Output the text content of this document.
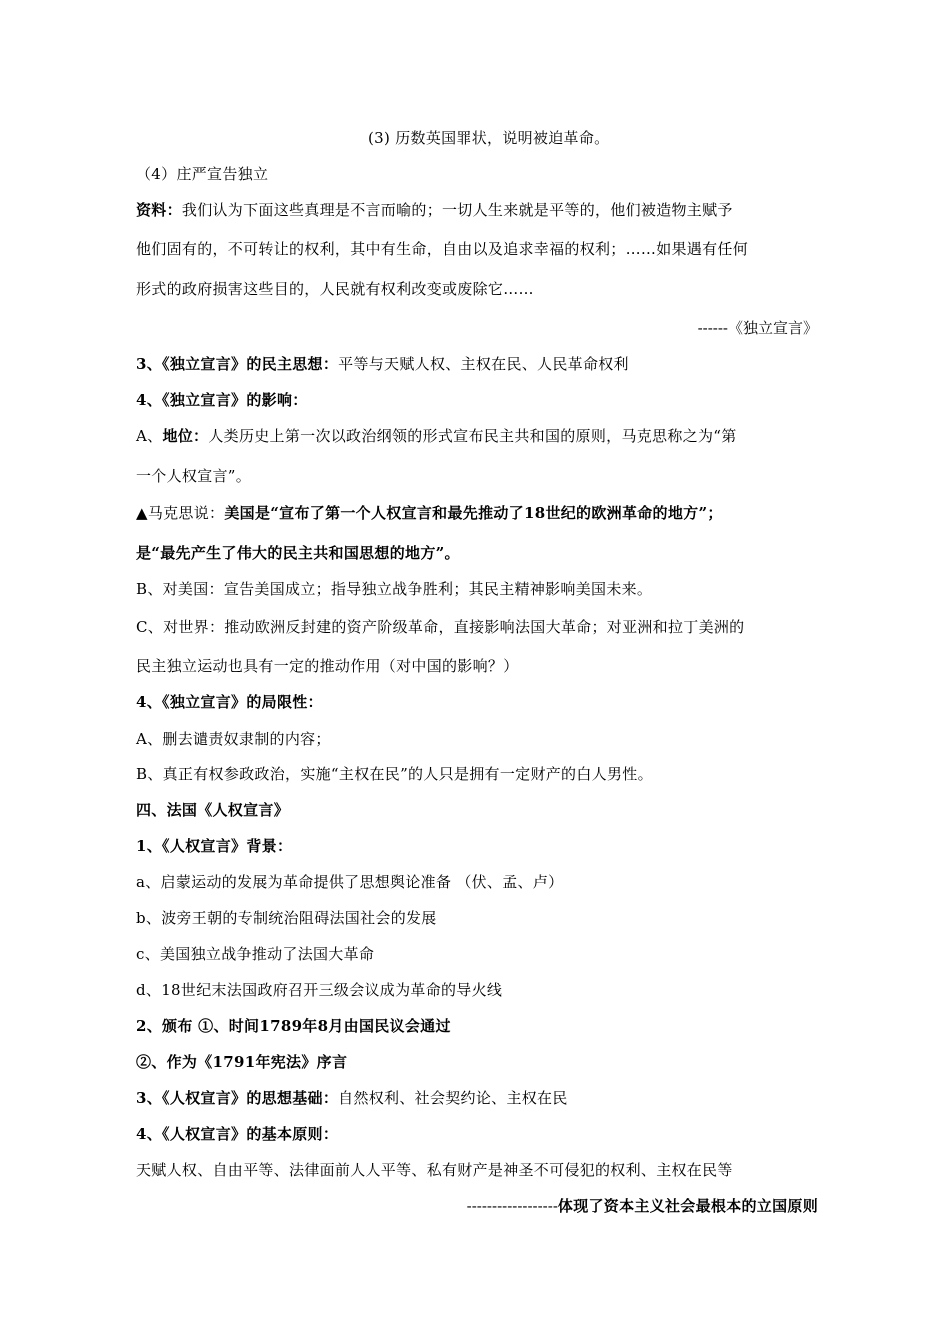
(3) 历数英国罪状，说明被迫革命。
（4）庄严宣告独立
资料：我们认为下面这些真理是不言而喻的；一切人生来就是平等的，他们被造物主赋予
他们固有的，不可转让的权利，其中有生命，自由以及追求幸福的权利；……如果遇有任何
形式的政府损害这些目的，人民就有权利改变或废除它……
------《独立宣言》
3、《独立宣言》的民主思想：平等与天赋人权、主权在民、人民革命权利
4、《独立宣言》的影响：
A、地位：人类历史上第一次以政治纲领的形式宣布民主共和国的原则，马克思称之为“第
一个人权宣言”。
▲马克思说：美国是“宣布了第一个人权宣言和最先推动了18世纪的欧洲革命的地方”；
是“最先产生了伟大的民主共和国思想的地方”。
B、对美国：宣告美国成立；指导独立战争胜利；其民主精神影响美国未来。
C、对世界：推动欧洲反封建的资产阶级革命，直接影响法国大革命；对亚洲和拉丁美洲的
民主独立运动也具有一定的推动作用（对中国的影响？）
4、《独立宣言》的局限性：
A、删去谴责奴隶制的内容；
B、真正有权参政政治，实施“主权在民”的人只是拥有一定财产的白人男性。
四、法国《人权宣言》
1、《人权宣言》背景：
a、启蒙运动的发展为革命提供了思想舆论准备 （伏、孟、卢）
b、波旁王朝的专制统治阻碍法国社会的发展
c、美国独立战争推动了法国大革命
d、18世纪末法国政府召开三级会议成为革命的导火线
2、颁布 ①、时间1789年8月由国民议会通过
②、作为《1791年宪法》序言
3、《人权宣言》的思想基础：自然权利、社会契约论、主权在民
4、《人权宣言》的基本原则：
天赋人权、自由平等、法律面前人人平等、私有财产是神圣不可侵犯的权利、主权在民等
------------------体现了资本主义社会最根本的立国原则
